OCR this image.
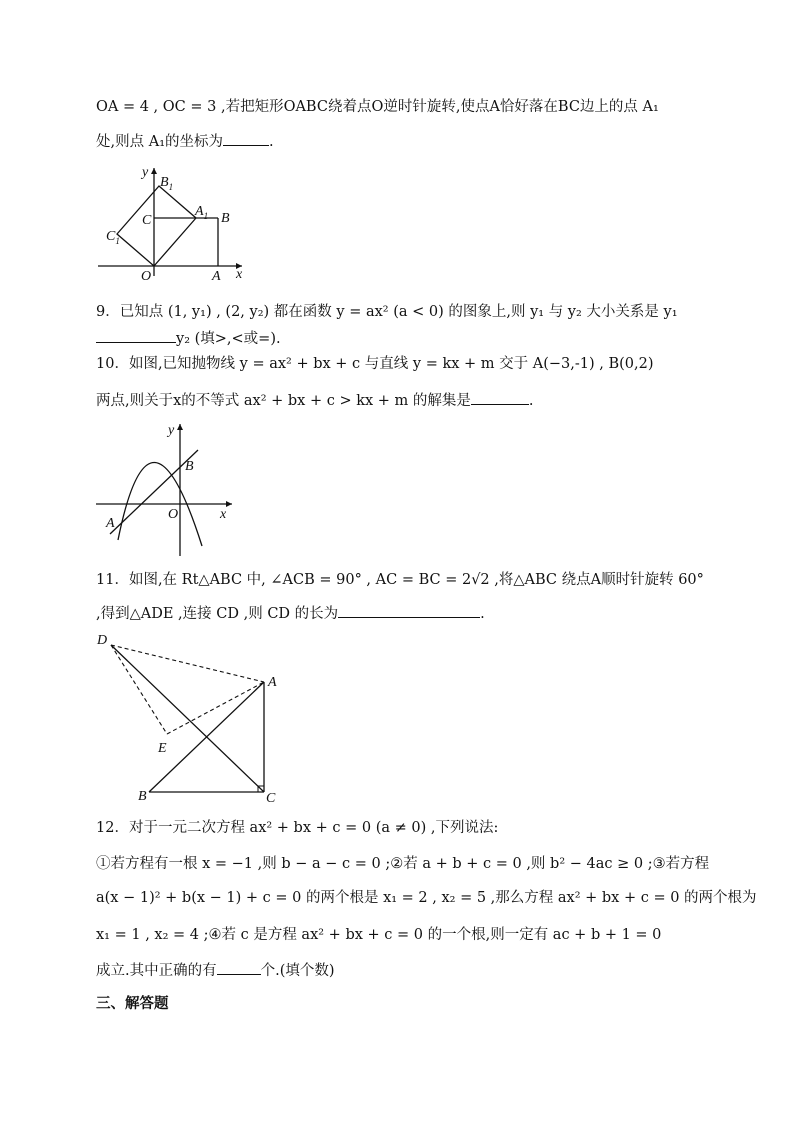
OA = 4 , OC = 3 ,若把矩形OABC绕着点O逆时针旋转,使点A恰好落在BC边上的点 A₁
处,则点 A₁的坐标为	.
y
x
$B_1$
$A_1$ B
C
$C_1$
O	A
9．已知点 (1, y₁) , (2, y₂) 都在函数 y = ax² (a < 0) 的图象上,则 y₁ 与 y₂ 大小关系是 y₁
y₂ (填>,<或=).
10．如图,已知抛物线 y = ax² + bx + c 与直线 y = kx + m 交于 A(−3,-1) , B(0,2)
两点,则关于x的不等式 ax² + bx + c > kx + m 的解集是	.
y
x
A
B
O
11．如图,在 Rt△ABC 中, ∠ACB = 90° , AC = BC = 2√2 ,将△ABC 绕点A顺时针旋转 60°
,得到△ADE ,连接 CD ,则 CD 的长为	.
D
A
E
B	C
12．对于一元二次方程 ax² + bx + c = 0 (a ≠ 0) ,下列说法:
①若方程有一根 x = −1 ,则 b − a − c = 0 ;②若 a + b + c = 0 ,则 b² − 4ac ≥ 0 ;③若方程
a(x − 1)² + b(x − 1) + c = 0 的两个根是 x₁ = 2 , x₂ = 5 ,那么方程 ax² + bx + c = 0 的两个根为
x₁ = 1 , x₂ = 4 ;④若 c 是方程 ax² + bx + c = 0 的一个根,则一定有 ac + b + 1 = 0
成立.其中正确的有	个.(填个数)
三、解答题
